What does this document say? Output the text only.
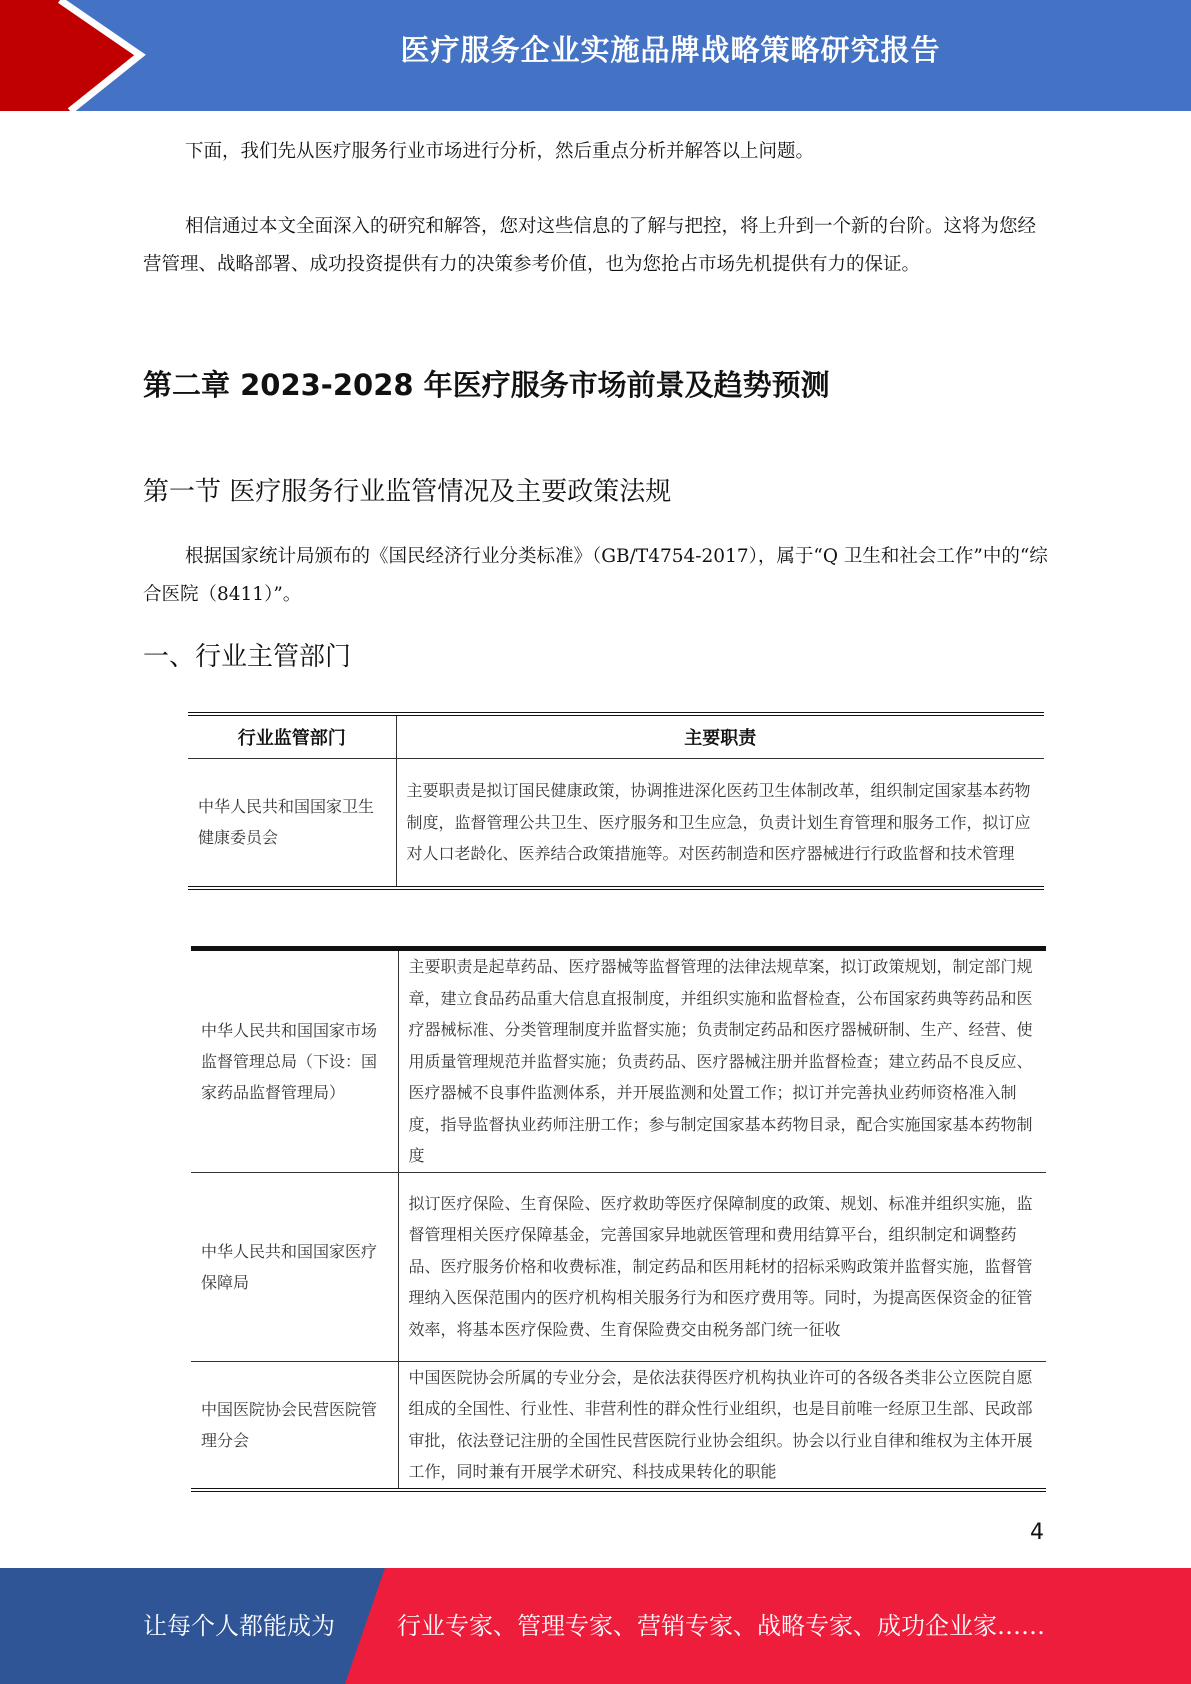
医疗服务企业实施品牌战略策略研究报告

下面，我们先从医疗服务行业市场进行分析，然后重点分析并解答以上问题。

相信通过本文全面深入的研究和解答，您对这些信息的了解与把控，将上升到一个新的台阶。这将为您经营管理、战略部署、成功投资提供有力的决策参考价值，也为您抢占市场先机提供有力的保证。

第二章 2023-2028 年医疗服务市场前景及趋势预测
第一节 医疗服务行业监管情况及主要政策法规

根据国家统计局颁布的《国民经济行业分类标准》（GB/T4754-2017），属于“Q 卫生和社会工作”中的“综合医院（8411）”。

一、行业主管部门
行业监管部门	主要职责
中华人民共和国国家卫生健康委员会	主要职责是拟订国民健康政策，协调推进深化医药卫生体制改革，组织制定国家基本药物制度，监督管理公共卫生、医疗服务和卫生应急，负责计划生育管理和服务工作，拟订应对人口老龄化、医养结合政策措施等。对医药制造和医疗器械进行行政监督和技术管理
中华人民共和国国家市场监督管理总局（下设：国家药品监督管理局）	主要职责是起草药品、医疗器械等监督管理的法律法规草案，拟订政策规划，制定部门规章，建立食品药品重大信息直报制度，并组织实施和监督检查，公布国家药典等药品和医疗器械标准、分类管理制度并监督实施；负责制定药品和医疗器械研制、生产、经营、使用质量管理规范并监督实施；负责药品、医疗器械注册并监督检查；建立药品不良反应、医疗器械不良事件监测体系，并开展监测和处置工作；拟订并完善执业药师资格准入制度，指导监督执业药师注册工作；参与制定国家基本药物目录，配合实施国家基本药物制度
中华人民共和国国家医疗保障局	拟订医疗保险、生育保险、医疗救助等医疗保障制度的政策、规划、标准并组织实施，监督管理相关医疗保障基金，完善国家异地就医管理和费用结算平台，组织制定和调整药品、医疗服务价格和收费标准，制定药品和医用耗材的招标采购政策并监督实施，监督管理纳入医保范围内的医疗机构相关服务行为和医疗费用等。同时，为提高医保资金的征管效率，将基本医疗保险费、生育保险费交由税务部门统一征收
中国医院协会民营医院管理分会	中国医院协会所属的专业分会，是依法获得医疗机构执业许可的各级各类非公立医院自愿组成的全国性、行业性、非营利性的群众性行业组织，也是目前唯一经原卫生部、民政部审批，依法登记注册的全国性民营医院行业协会组织。协会以行业自律和维权为主体开展工作，同时兼有开展学术研究、科技成果转化的职能
4
让每个人都能成为	行业专家、管理专家、营销专家、战略专家、成功企业家……
